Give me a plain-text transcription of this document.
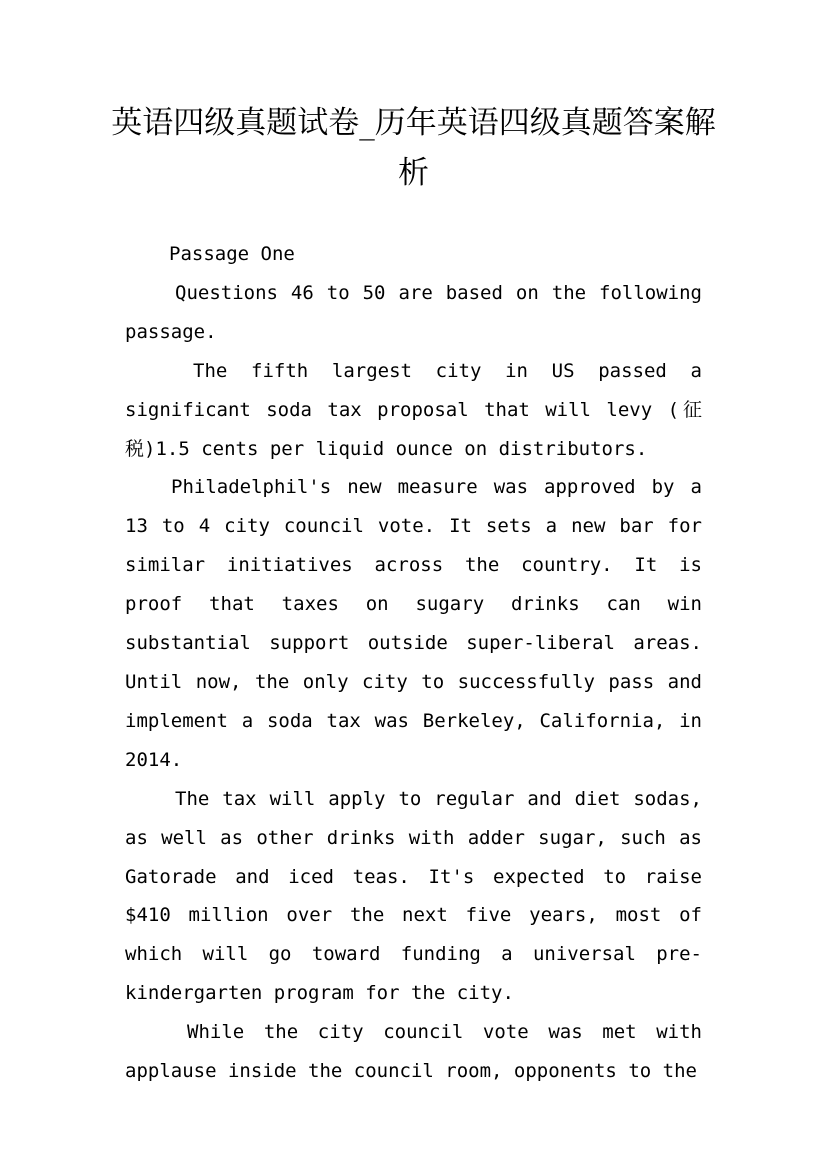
英语四级真题试卷_历年英语四级真题答案解析

Passage One

Questions 46 to 50 are based on the following passage.

The fifth largest city in US passed a significant soda tax proposal that will levy (征税)1.5 cents per liquid ounce on distributors.

Philadelphil's new measure was approved by a 13 to 4 city council vote. It sets a new bar for similar initiatives across the country. It is proof that taxes on sugary drinks can win substantial support outside super-liberal areas. Until now, the only city to successfully pass and implement a soda tax was Berkeley, California, in 2014.

The tax will apply to regular and diet sodas, as well as other drinks with adder sugar, such as Gatorade and iced teas. It's expected to raise $410 million over the next five years, most of which will go toward funding a universal pre-kindergarten program for the city.

While the city council vote was met with applause inside the council room, opponents to the
